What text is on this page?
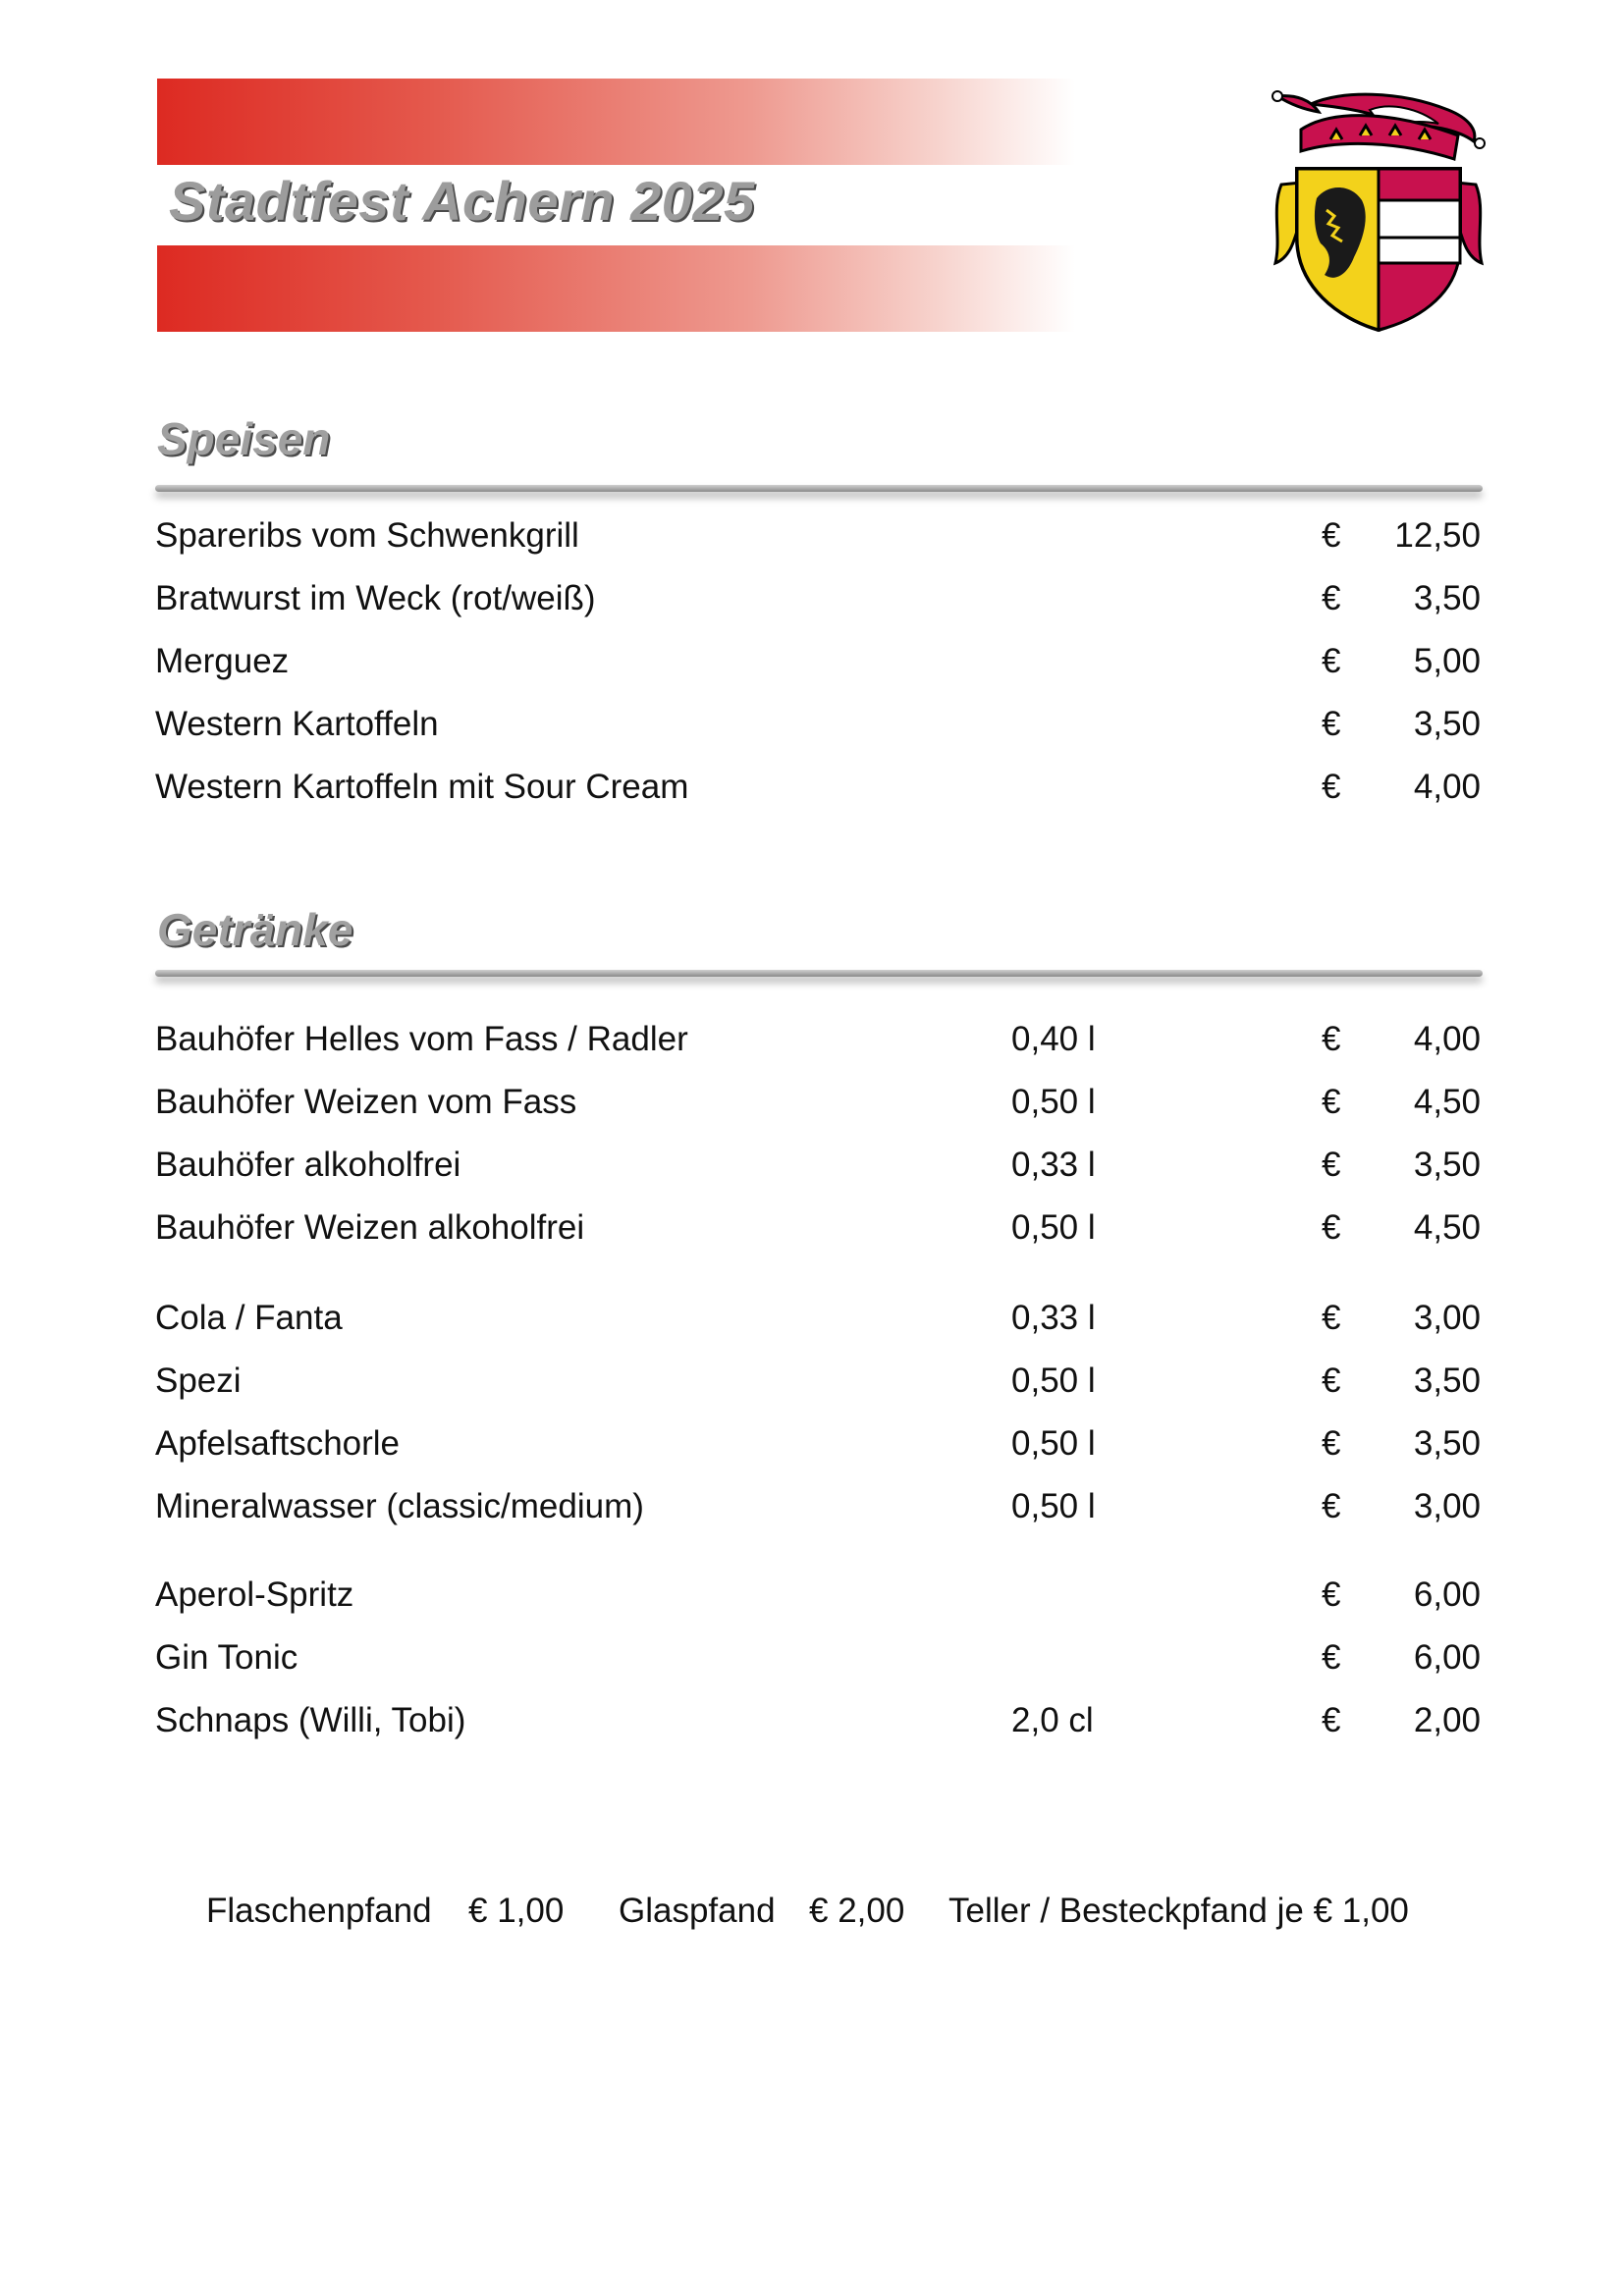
Stadtfest Achern 2025
Speisen
Spareribs vom Schwenkgrill	€ 12,50
Bratwurst im Weck (rot/weiß)	€ 3,50
Merguez	€ 5,00
Western Kartoffeln	€ 3,50
Western Kartoffeln mit Sour Cream	€ 4,00
Getränke
Bauhöfer Helles vom Fass / Radler	0,40 l	€ 4,00
Bauhöfer Weizen vom Fass	0,50 l	€ 4,50
Bauhöfer alkoholfrei	0,33 l	€ 3,50
Bauhöfer Weizen alkoholfrei	0,50 l	€ 4,50
Cola / Fanta	0,33 l	€ 3,00
Spezi	0,50 l	€ 3,50
Apfelsaftschorle	0,50 l	€ 3,50
Mineralwasser (classic/medium)	0,50 l	€ 3,00
Aperol-Spritz	€ 6,00
Gin Tonic	€ 6,00
Schnaps (Willi, Tobi)	2,0 cl	€ 2,00
Flaschenpfand € 1,00 Glaspfand € 2,00 Teller / Besteckpfand je € 1,00
